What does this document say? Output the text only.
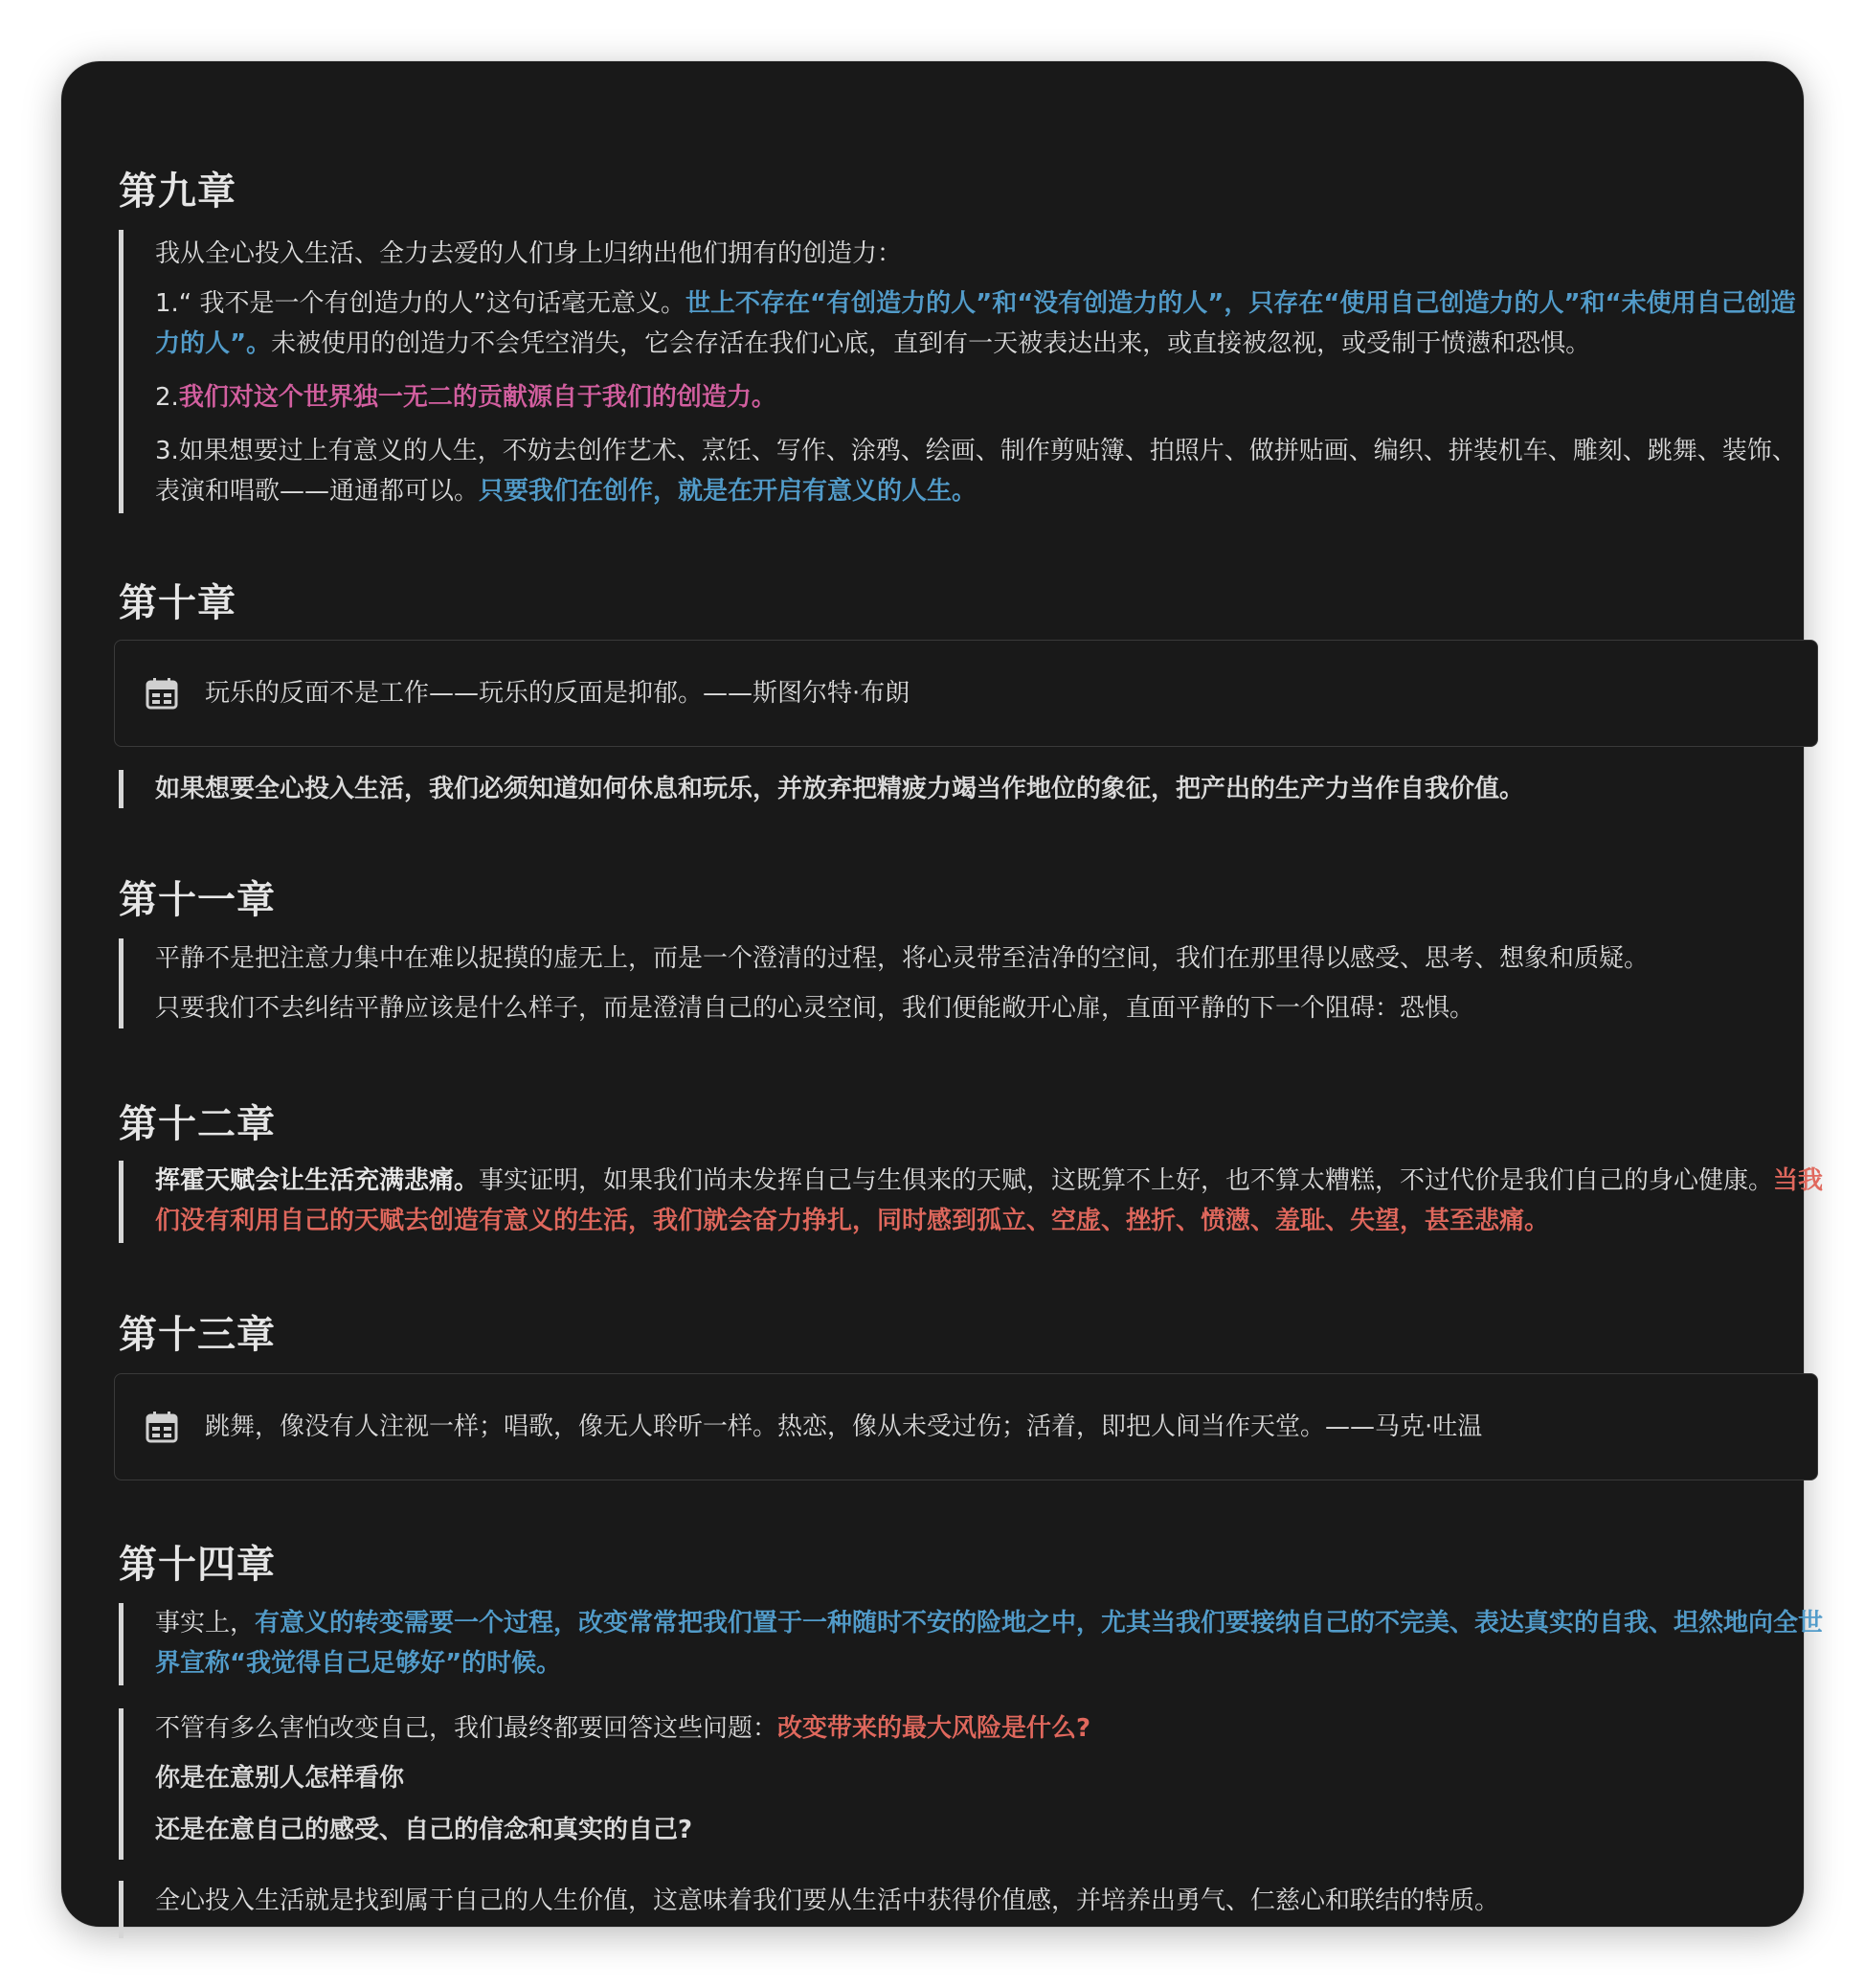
第九章

我从全心投入生活、全力去爱的人们身上归纳出他们拥有的创造力：

1.“ 我不是一个有创造力的人”这句话毫无意义。世上不存在“有创造力的人”和“没有创造力的人”，只存在“使用自己创造力的人”和“未使用自己创造力的人”。未被使用的创造力不会凭空消失，它会存活在我们心底，直到有一天被表达出来，或直接被忽视，或受制于愤懑和恐惧。

2.我们对这个世界独一无二的贡献源自于我们的创造力。

3.如果想要过上有意义的人生，不妨去创作艺术、烹饪、写作、涂鸦、绘画、制作剪贴簿、拍照片、做拼贴画、编织、拼装机车、雕刻、跳舞、装饰、表演和唱歌——通通都可以。只要我们在创作，就是在开启有意义的人生。

第十章
玩乐的反面不是工作——玩乐的反面是抑郁。——斯图尔特·布朗

如果想要全心投入生活，我们必须知道如何休息和玩乐，并放弃把精疲力竭当作地位的象征，把产出的生产力当作自我价值。

第十一章

平静不是把注意力集中在难以捉摸的虚无上，而是一个澄清的过程，将心灵带至洁净的空间，我们在那里得以感受、思考、想象和质疑。

只要我们不去纠结平静应该是什么样子，而是澄清自己的心灵空间，我们便能敞开心扉，直面平静的下一个阻碍：恐惧。

第十二章

挥霍天赋会让生活充满悲痛。事实证明，如果我们尚未发挥自己与生俱来的天赋，这既算不上好，也不算太糟糕，不过代价是我们自己的身心健康。当我们没有利用自己的天赋去创造有意义的生活，我们就会奋力挣扎，同时感到孤立、空虚、挫折、愤懑、羞耻、失望，甚至悲痛。

第十三章
跳舞，像没有人注视一样；唱歌，像无人聆听一样。热恋，像从未受过伤；活着，即把人间当作天堂。——马克·吐温
第十四章

事实上，有意义的转变需要一个过程，改变常常把我们置于一种随时不安的险地之中，尤其当我们要接纳自己的不完美、表达真实的自我、坦然地向全世界宣称“我觉得自己足够好”的时候。

不管有多么害怕改变自己，我们最终都要回答这些问题：改变带来的最大风险是什么?

你是在意别人怎样看你

还是在意自己的感受、自己的信念和真实的自己?

全心投入生活就是找到属于自己的人生价值，这意味着我们要从生活中获得价值感，并培养出勇气、仁慈心和联结的特质。
